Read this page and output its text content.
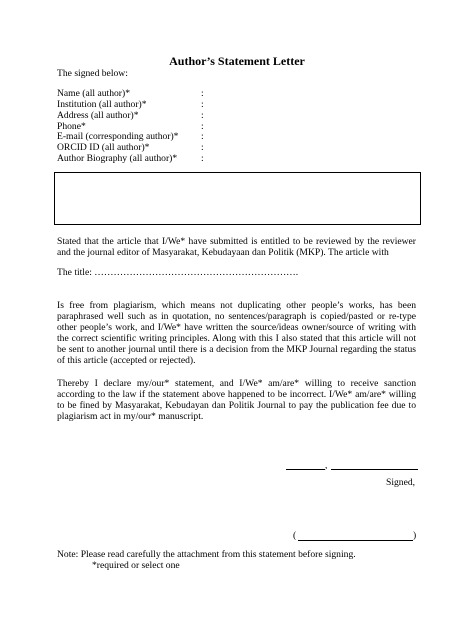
Author’s Statement Letter
The signed below:
Name (all author)*	:
Institution (all author)*	:
Address (all author)*	:
Phone*	:
E-mail (corresponding author)* :
ORCID ID (all author)*	:
Author Biography (all author)* :
Stated that the article that I/We* have submitted is entitled to be reviewed by the reviewer and the journal editor of Masyarakat, Kebudayaan dan Politik (MKP). The article with
The title: ……………………………………………………….
Is free from plagiarism, which means not duplicating other people’s works, has been paraphrased well such as in quotation, no sentences/paragraph is copied/pasted or re-type other people’s work, and I/We* have written the source/ideas owner/source of writing with the correct scientific writing principles. Along with this I also stated that this article will not be sent to another journal until there is a decision from the MKP Journal regarding the status of this article (accepted or rejected).
Thereby I declare my/our* statement, and I/We* am/are* willing to receive sanction according to the law if the statement above happened to be incorrect. I/We* am/are* willing to be fined by Masyarakat, Kebudayan dan Politik Journal to pay the publication fee due to plagiarism act in my/our* manuscript.
,
Signed,
(	)
Note: Please read carefully the attachment from this statement before signing.
*required or select one
